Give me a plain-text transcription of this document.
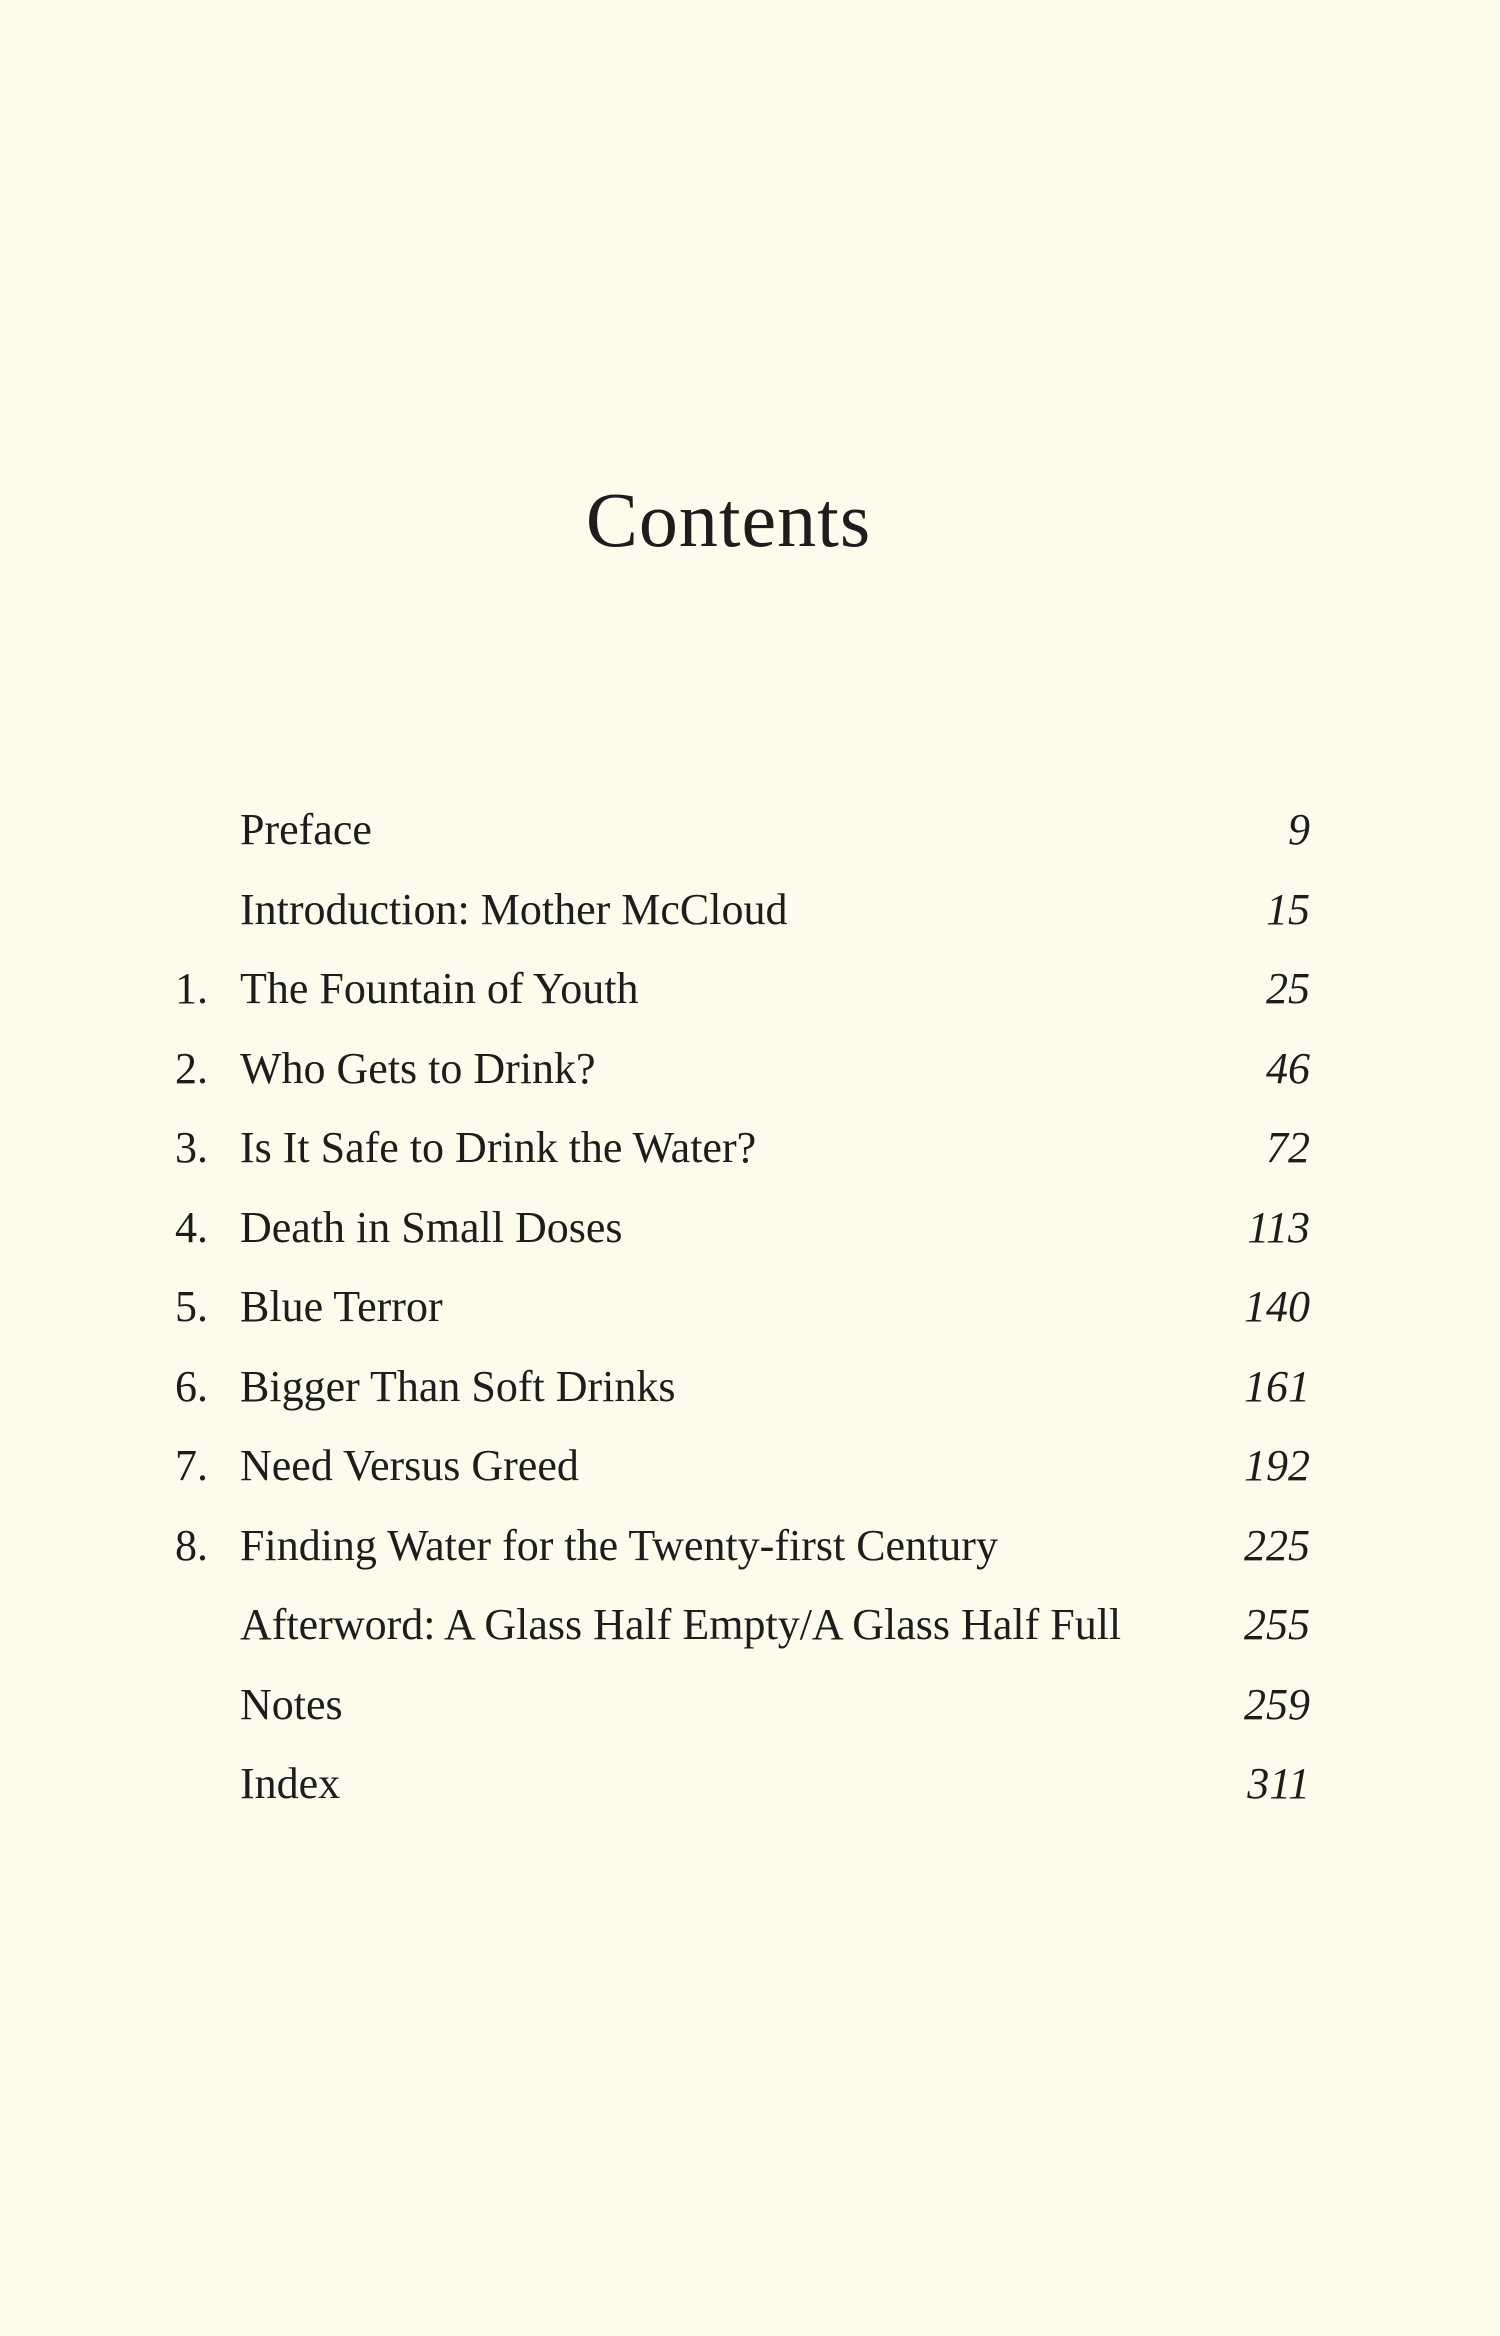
Contents
Preface	9
Introduction: Mother McCloud	15
1. The Fountain of Youth	25
2. Who Gets to Drink?	46
3. Is It Safe to Drink the Water?	72
4. Death in Small Doses	113
5. Blue Terror	140
6. Bigger Than Soft Drinks	161
7. Need Versus Greed	192
8. Finding Water for the Twenty-first Century	225
Afterword: A Glass Half Empty/A Glass Half Full	255
Notes	259
Index	311
